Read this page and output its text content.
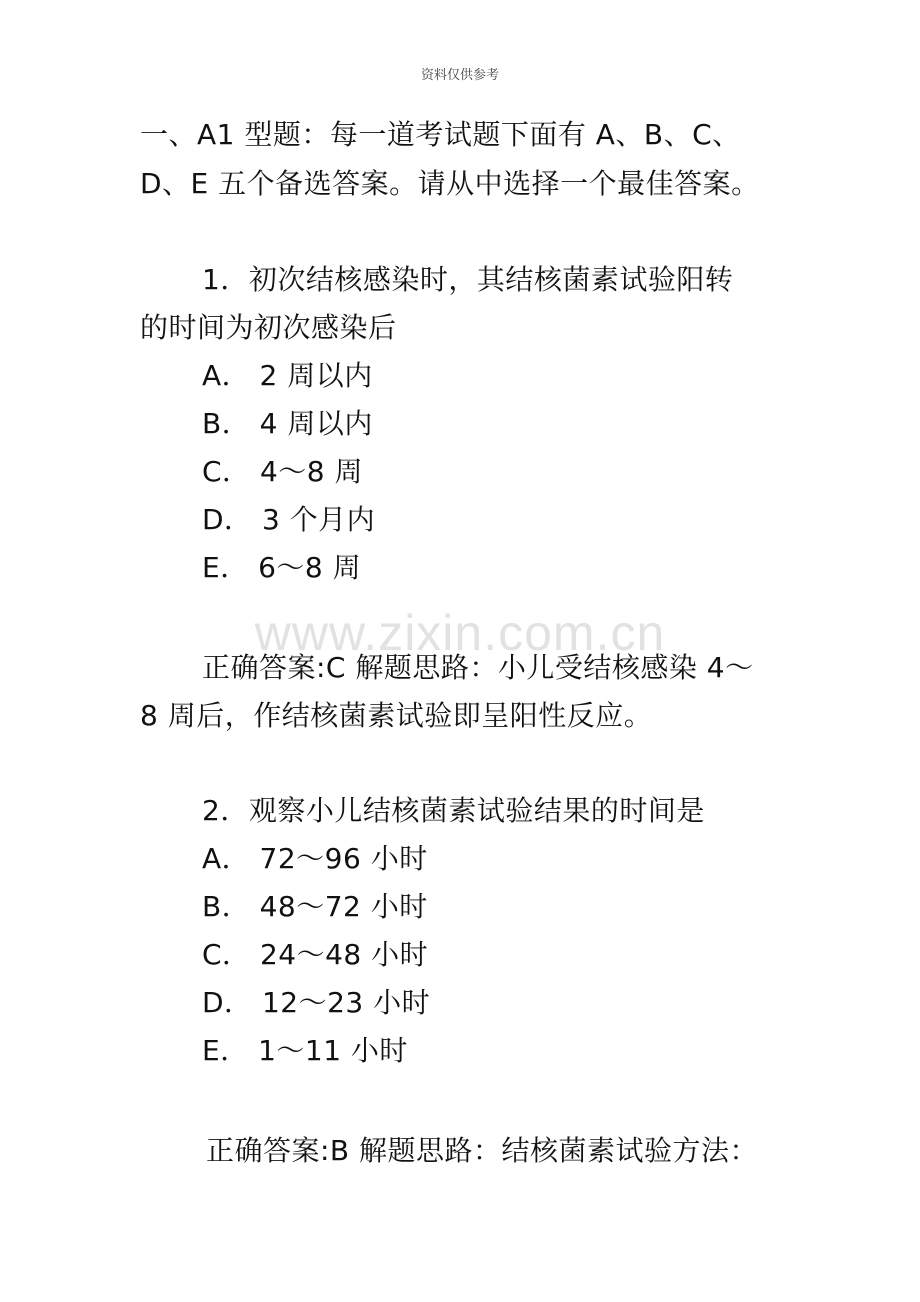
资料仅供参考
www.zixin.com.cn
一、A1 型题：每一道考试题下面有 A、B、C、
D、E 五个备选答案。请从中选择一个最佳答案。
1．初次结核感染时，其结核菌素试验阳转
的时间为初次感染后
A． 2 周以内
B． 4 周以内
C． 4～8 周
D． 3 个月内
E． 6～8 周
正确答案:C 解题思路：小儿受结核感染 4～
8 周后，作结核菌素试验即呈阳性反应。
2．观察小儿结核菌素试验结果的时间是
A． 72～96 小时
B． 48～72 小时
C． 24～48 小时
D． 12～23 小时
E． 1～11 小时
正确答案:B 解题思路：结核菌素试验方法：
